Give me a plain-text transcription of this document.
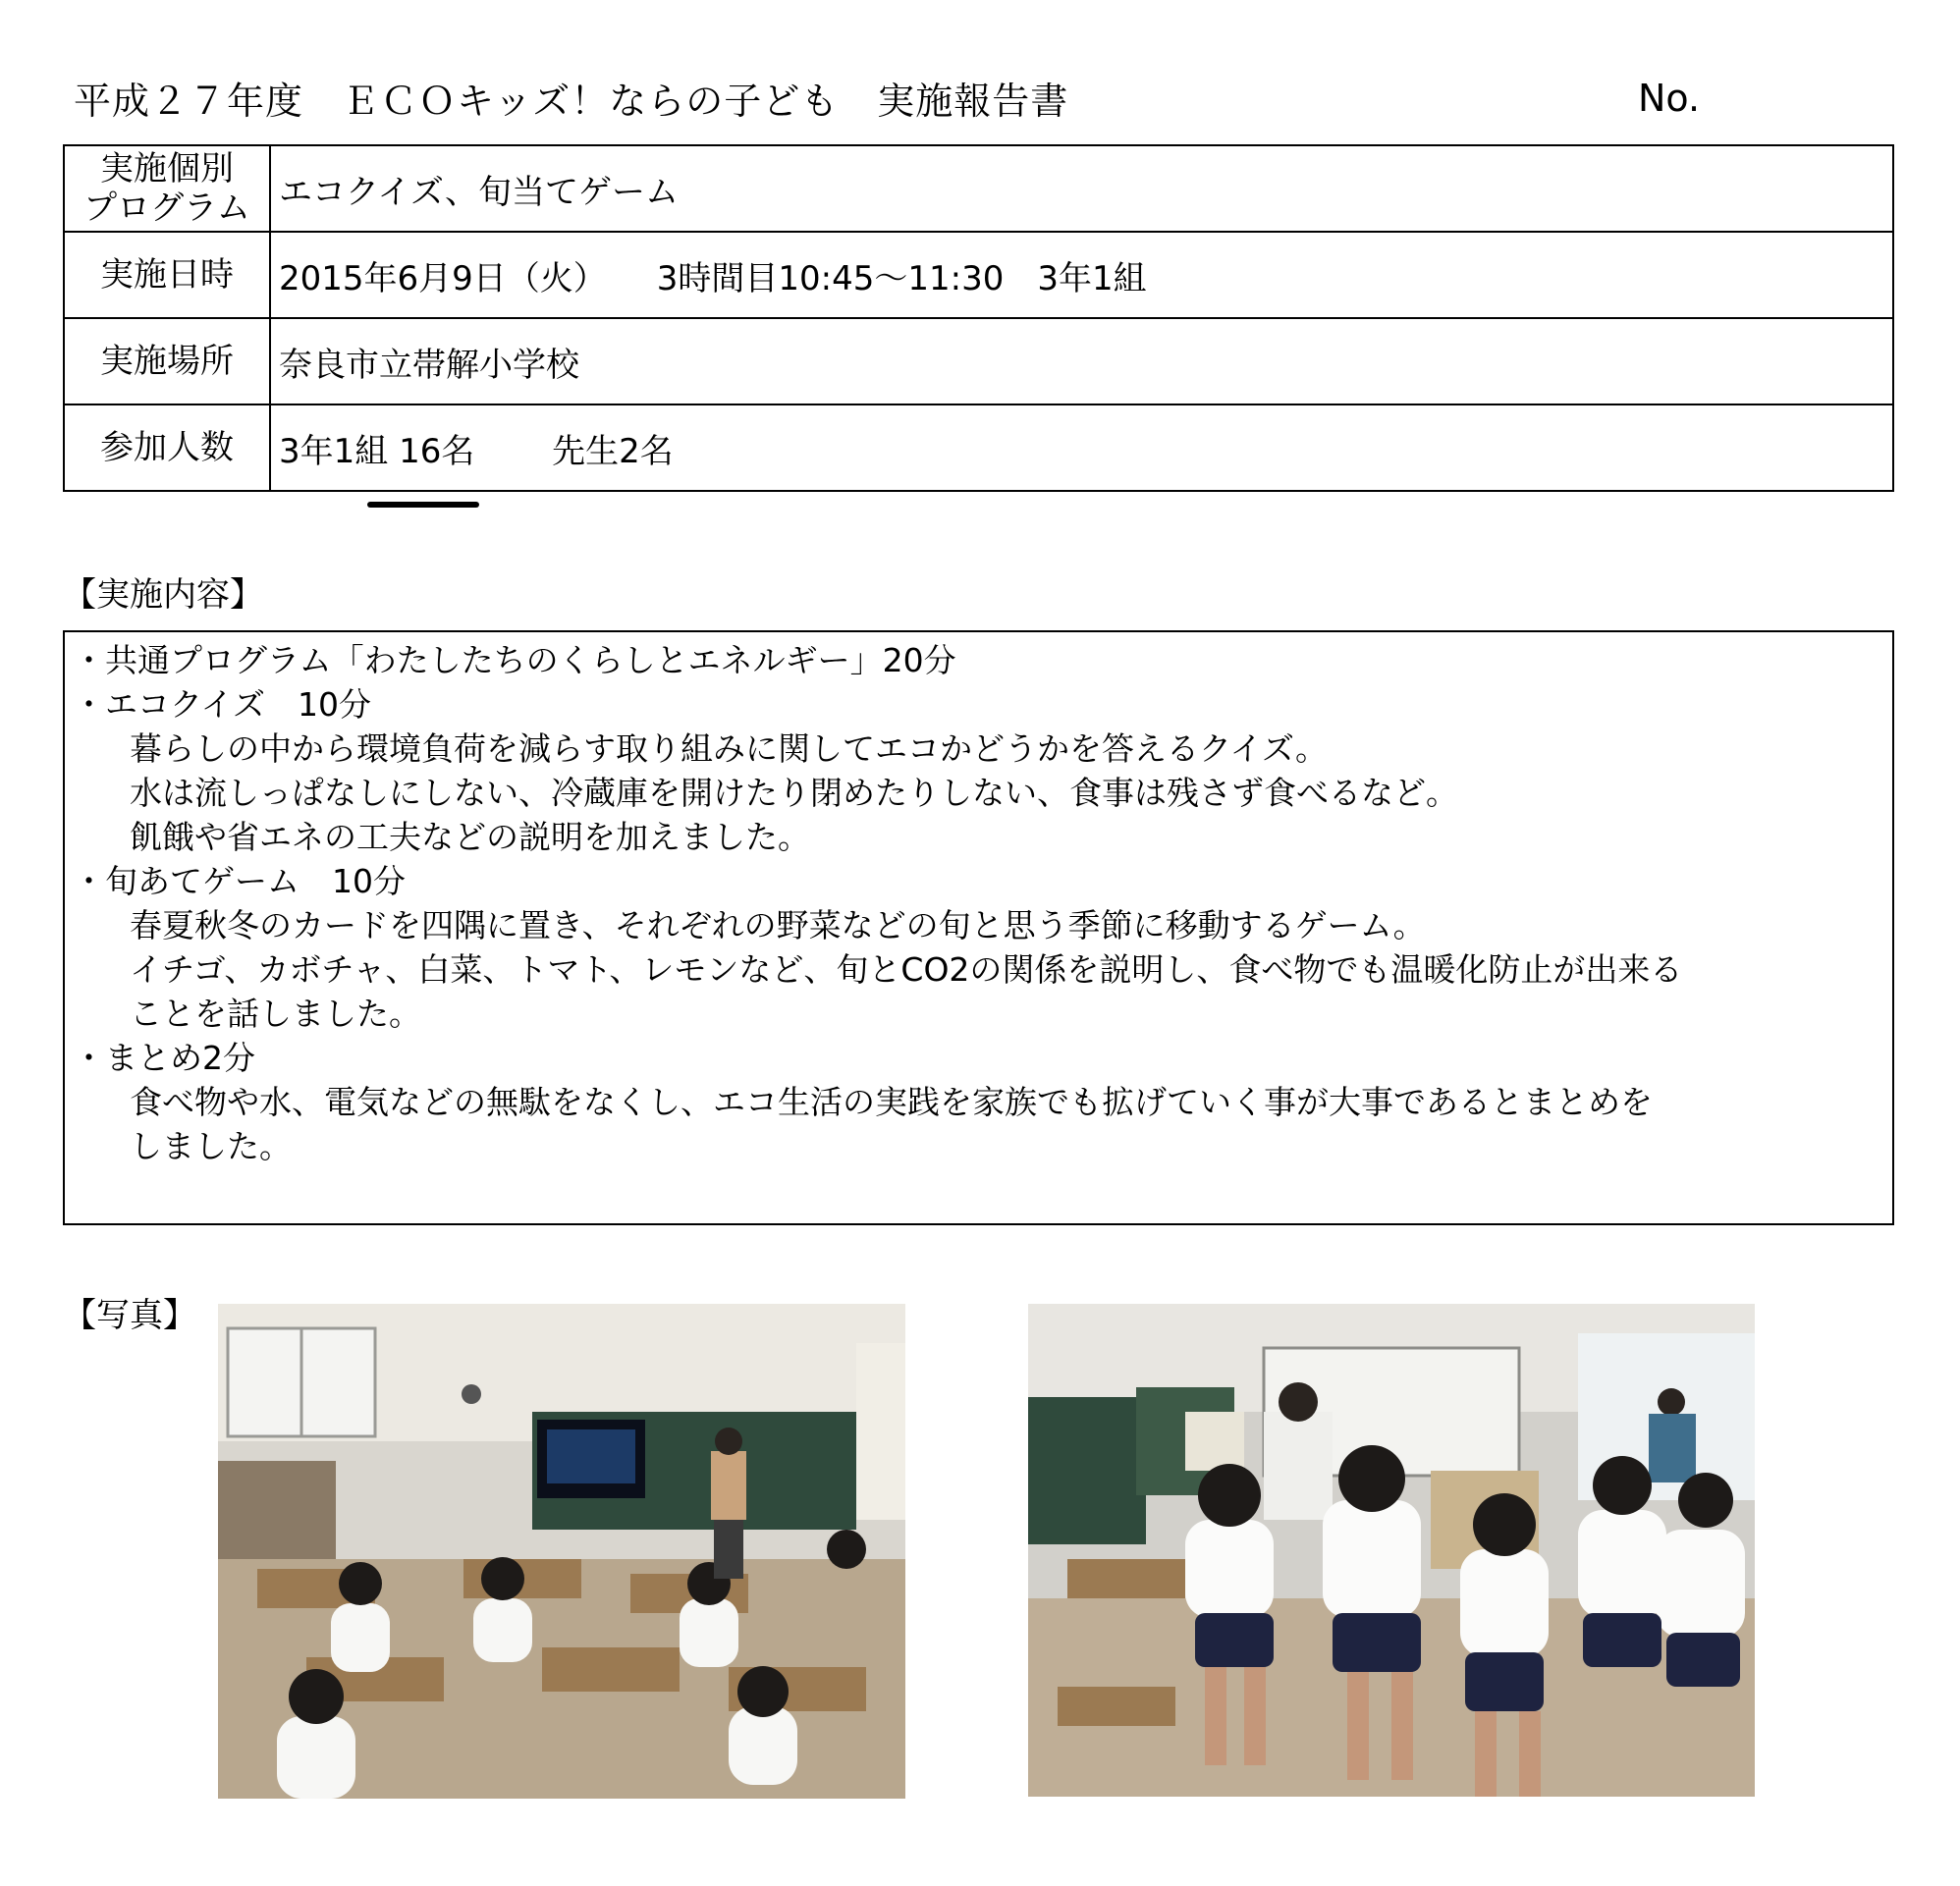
平成２７年度　ＥＣＯキッズ！ならの子ども　実施報告書	No.
実施個別
プログラム	エコクイズ、旬当てゲーム
実施日時	2015年6月9日（火）　　3時間目10:45〜11:30　3年1組
実施場所	奈良市立帯解小学校
参加人数	3年1組 16名　　 先生2名
【実施内容】
・共通プログラム「わたしたちのくらしとエネルギー」20分
・エコクイズ　10分
暮らしの中から環境負荷を減らす取り組みに関してエコかどうかを答えるクイズ。
水は流しっぱなしにしない、冷蔵庫を開けたり閉めたりしない、食事は残さず食べるなど。
飢餓や省エネの工夫などの説明を加えました。
・旬あてゲーム　10分
春夏秋冬のカードを四隅に置き、それぞれの野菜などの旬と思う季節に移動するゲーム。
イチゴ、カボチャ、白菜、トマト、レモンなど、旬とCO2の関係を説明し、食べ物でも温暖化防止が出来る
ことを話しました。
・まとめ2分
食べ物や水、電気などの無駄をなくし、エコ生活の実践を家族でも拡げていく事が大事であるとまとめを
しました。
【写真】
